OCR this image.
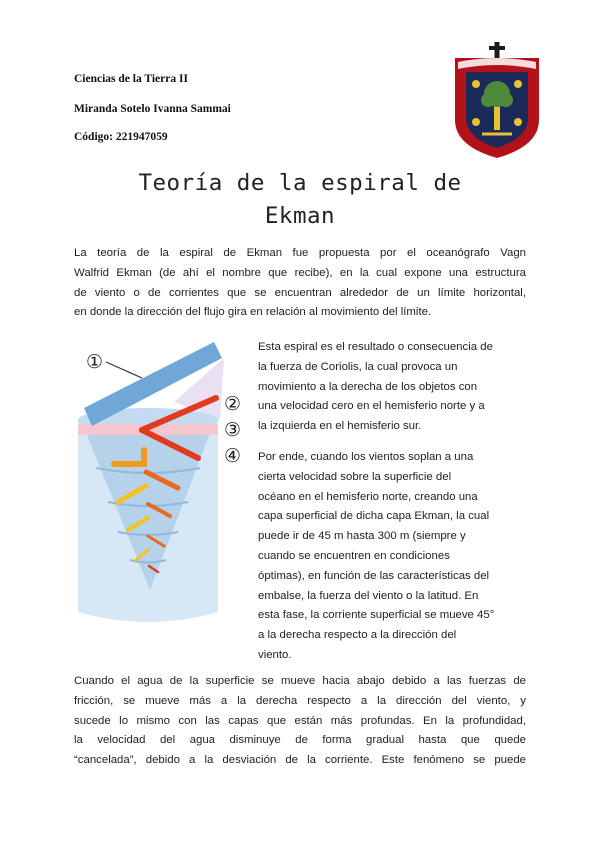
Ciencias de la Tierra II
Miranda Sotelo Ivanna Sammai
Código: 221947059
Teoría de la espiral de
Ekman
La teoría de la espiral de Ekman fue propuesta por el oceanógrafo Vagn
Walfrid Ekman (de ahí el nombre que recibe), en la cual expone una estructura
de viento o de corrientes que se encuentran alrededor de un límite horizontal,
en donde la dirección del flujo gira en relación al movimiento del límite.
①
②
③
④
Esta espiral es el resultado o consecuencia de
la fuerza de Coriolis, la cual provoca un
movimiento a la derecha de los objetos con
una velocidad cero en el hemisferio norte y a
la izquierda en el hemisferio sur.
Por ende, cuando los vientos soplan a una
cierta velocidad sobre la superficie del
océano en el hemisferio norte, creando una
capa superficial de dicha capa Ekman, la cual
puede ir de 45 m hasta 300 m (siempre y
cuando se encuentren en condiciones
óptimas), en función de las características del
embalse, la fuerza del viento o la latitud. En
esta fase, la corriente superficial se mueve 45°
a la derecha respecto a la dirección del
viento.
Cuando el agua de la superficie se mueve hacia abajo debido a las fuerzas de
fricción, se mueve más a la derecha respecto a la dirección del viento, y
sucede lo mismo con las capas que están más profundas. En la profundidad,
la velocidad del agua disminuye de forma gradual hasta que quede
“cancelada”, debido a la desviación de la corriente. Este fenómeno se puede
